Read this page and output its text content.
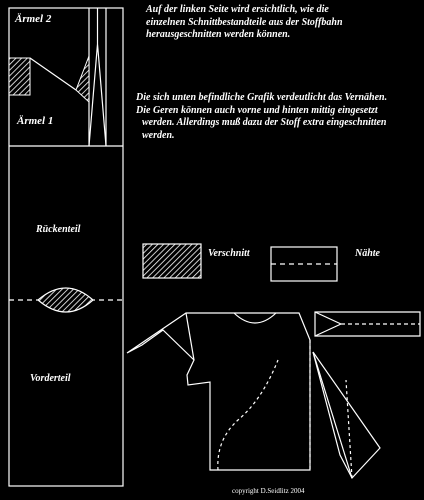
Ärmel 2
Ärmel 1
Rückenteil
Vorderteil
Verschnitt	Nähte
Auf der linken Seite wird ersichtlich, wie die
einzelnen Schnittbestandteile aus der Stoffbahn
herausgeschnitten werden können.
Die sich unten befindliche Grafik verdeutlicht das Vernähen.
Die Geren können auch vorne und hinten mittig eingesetzt
werden. Allerdings muß dazu der Stoff extra eingeschnitten
werden.
copyright D.Seidlitz 2004
